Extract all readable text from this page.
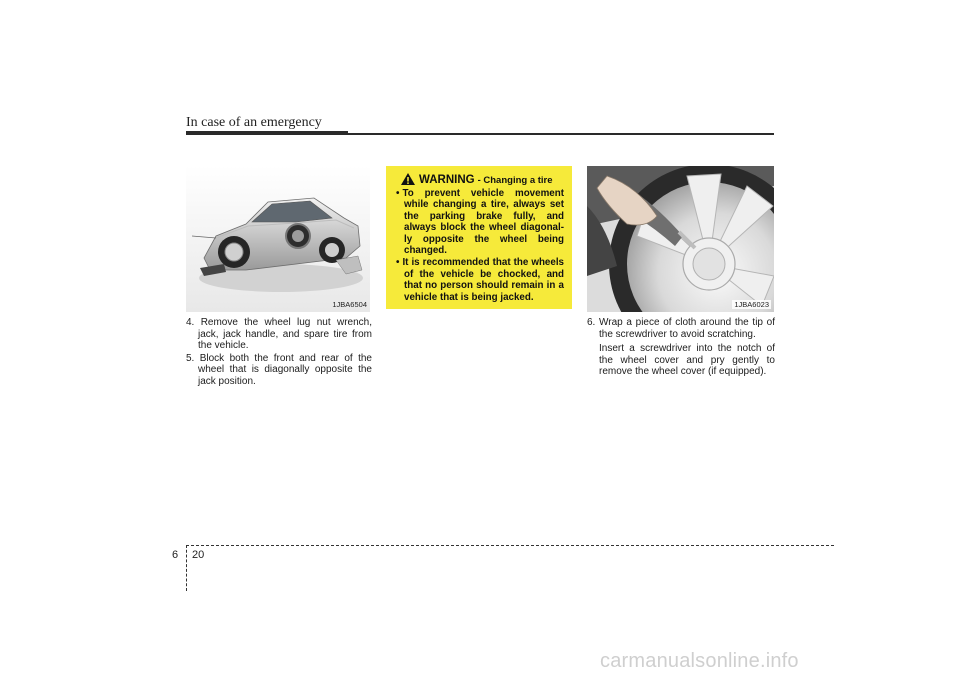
In case of an emergency
1JBA6504

4. Remove the wheel lug nut wrench, jack, jack handle, and spare tire from the vehicle.

5. Block both the front and rear of the wheel that is diagonally opposite the jack position.

WARNING - Changing a tire
• To prevent vehicle movement while changing a tire, always set the parking brake fully, and always block the wheel diagonal-ly opposite the wheel being changed.
• It is recommended that the wheels of the vehicle be chocked, and that no person should remain in a vehicle that is being jacked.
1JBA6023

6. Wrap a piece of cloth around the tip of the screwdriver to avoid scratching.

Insert a screwdriver into the notch of the wheel cover and pry gently to remove the wheel cover (if equipped).

6 20
carmanualsonline.info
